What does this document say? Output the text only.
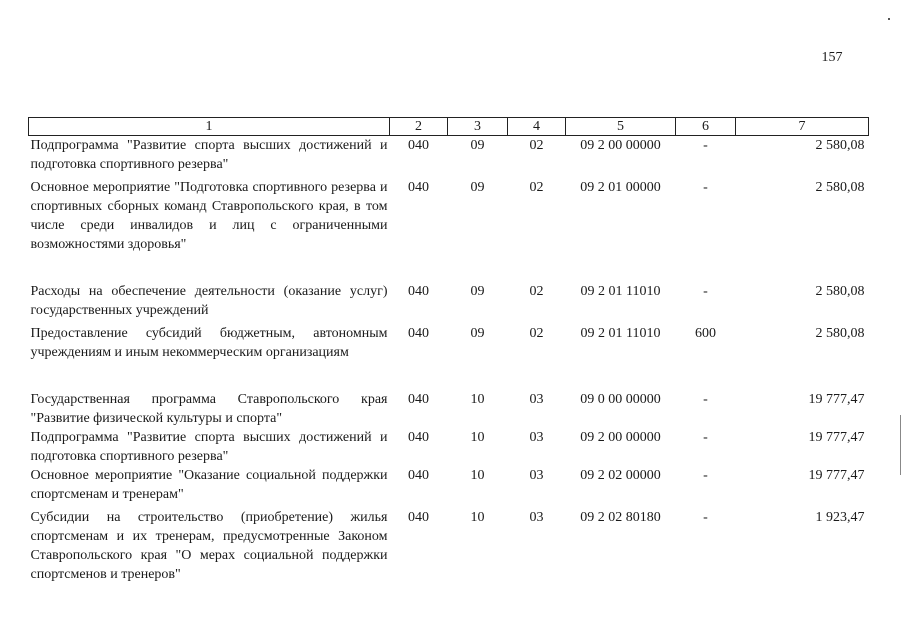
157
1	2	3	4	5	6	7
Подпрограмма "Развитие спорта высших достижений и подготовка спортивного резерва"	040	09	02	09 2 00 00000	-	2 580,08
Основное мероприятие "Подготовка спортивного резерва и спортивных сборных команд Ставропольского края, в том числе среди инвалидов и лиц с ограниченными возможностями здоровья"	040	09	02	09 2 01 00000	-	2 580,08
Расходы на обеспечение деятельности (оказание услуг) государственных учреждений	040	09	02	09 2 01 11010	-	2 580,08
Предоставление субсидий бюджетным, автономным учреждениям и иным некоммерческим организациям	040	09	02	09 2 01 11010	600	2 580,08
Государственная программа Ставропольского края "Развитие физической культуры и спорта"	040	10	03	09 0 00 00000	-	19 777,47
Подпрограмма "Развитие спорта высших достижений и подготовка спортивного резерва"	040	10	03	09 2 00 00000	-	19 777,47
Основное мероприятие "Оказание социальной поддержки спортсменам и тренерам"	040	10	03	09 2 02 00000	-	19 777,47
Субсидии на строительство (приобретение) жилья спортсменам и их тренерам, предусмотренные Законом Ставропольского края "О мерах социальной поддержки спортсменов и тренеров"	040	10	03	09 2 02 80180	-	1 923,47
